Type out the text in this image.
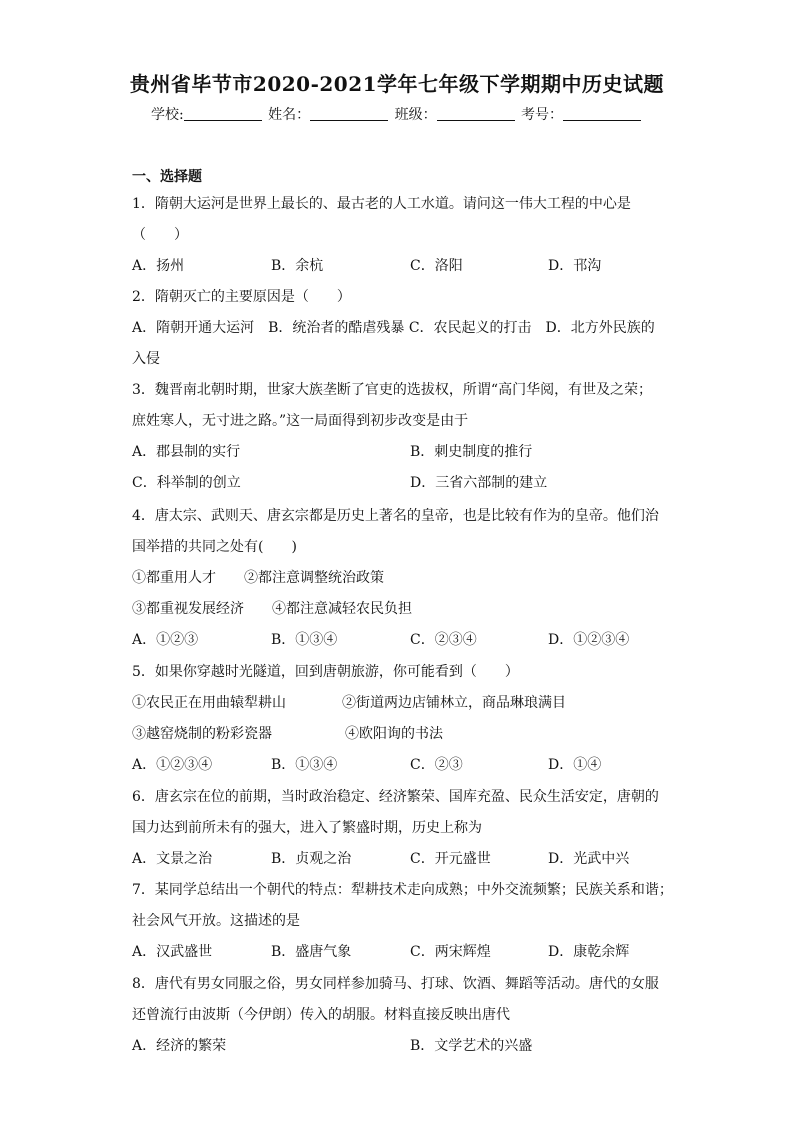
贵州省毕节市2020-2021学年七年级下学期期中历史试题
学校:	姓名：	班级：	考号：
一、选择题
1．隋朝大运河是世界上最长的、最古老的人工水道。请问这一伟大工程的中心是
（　　）
A．扬州	B．余杭	C．洛阳	D．邗沟
2．隋朝灭亡的主要原因是（　　）
A．隋朝开通大运河　B．统治者的酷虐残暴 C．农民起义的打击　D．北方外民族的
入侵
3．魏晋南北朝时期，世家大族垄断了官吏的选拔权，所谓“高门华阅，有世及之荣；
庶姓寒人，无寸进之路。”这一局面得到初步改变是由于
A．郡县制的实行	B．刺史制度的推行
C．科举制的创立	D．三省六部制的建立
4．唐太宗、武则天、唐玄宗都是历史上著名的皇帝，也是比较有作为的皇帝。他们治
国举措的共同之处有(　　)
①都重用人才　　②都注意调整统治政策
③都重视发展经济　　④都注意减轻农民负担
A．①②③	B．①③④	C．②③④	D．①②③④
5．如果你穿越时光隧道，回到唐朝旅游，你可能看到（　　）
①农民正在用曲辕犁耕山	②街道两边店铺林立，商品琳琅满目
③越窑烧制的粉彩瓷器	④欧阳询的书法
A．①②③④	B．①③④	C．②③	D．①④
6．唐玄宗在位的前期，当时政治稳定、经济繁荣、国库充盈、民众生活安定，唐朝的
国力达到前所未有的强大，进入了繁盛时期，历史上称为
A．文景之治	B．贞观之治	C．开元盛世	D．光武中兴
7．某同学总结出一个朝代的特点：犁耕技术走向成熟；中外交流频繁；民族关系和谐；
社会风气开放。这描述的是
A．汉武盛世	B．盛唐气象	C．两宋辉煌	D．康乾余辉
8．唐代有男女同服之俗，男女同样参加骑马、打球、饮酒、舞蹈等活动。唐代的女服
还曾流行由波斯（今伊朗）传入的胡服。材料直接反映出唐代
A．经济的繁荣	B．文学艺术的兴盛
